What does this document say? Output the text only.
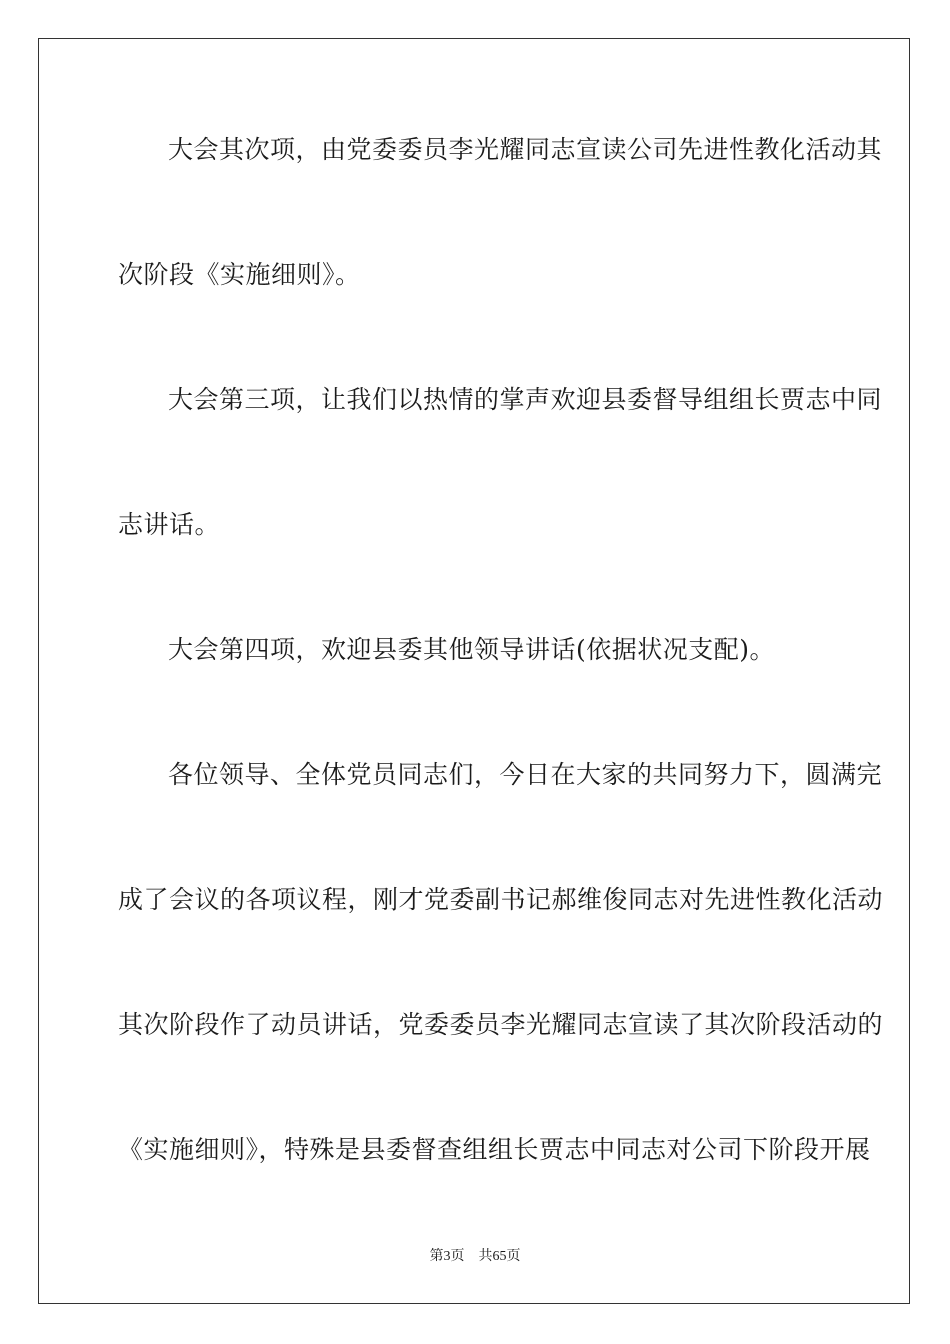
大会其次项，由党委委员李光耀同志宣读公司先进性教化活动其
次阶段《实施细则》。
大会第三项，让我们以热情的掌声欢迎县委督导组组长贾志中同
志讲话。
大会第四项，欢迎县委其他领导讲话(依据状况支配)。
各位领导、全体党员同志们，今日在大家的共同努力下，圆满完
成了会议的各项议程，刚才党委副书记郝维俊同志对先进性教化活动
其次阶段作了动员讲话，党委委员李光耀同志宣读了其次阶段活动的
《实施细则》，特殊是县委督查组组长贾志中同志对公司下阶段开展
第3页 共65页
